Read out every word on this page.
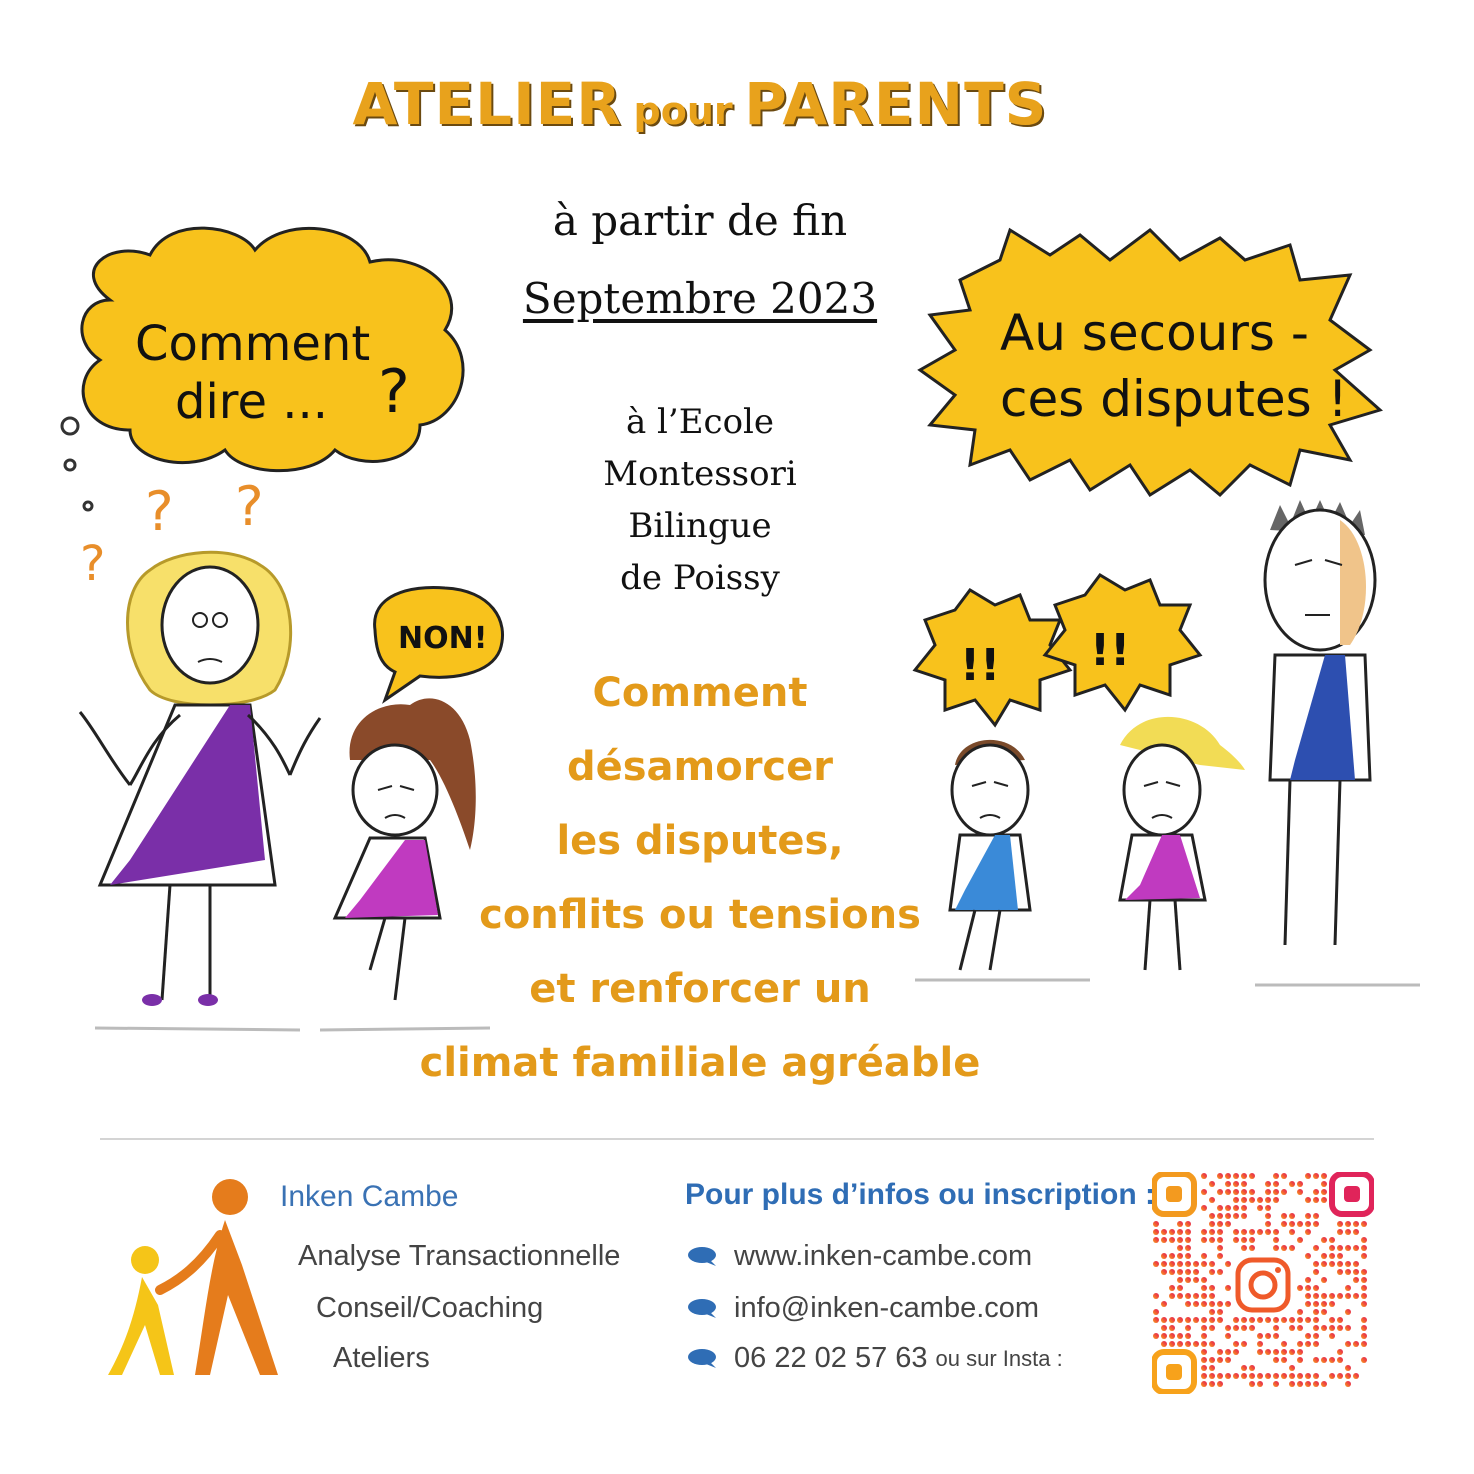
ATELIER pour PARENTS
à partir de fin
Septembre 2023
à l’Ecole
Montessori
Bilingue
de Poissy
Comment
désamorcer
les disputes,
conflits ou tensions
et renforcer un
climat familiale agréable
? ?
?
Comment
dire ... ?
NON!
Au secours -
ces disputes !
!! !!
Inken Cambe
Analyse Transactionnelle
Conseil/Coaching
Ateliers
Pour plus d’infos ou inscription :
www.inken-cambe.com
info@inken-cambe.com
06 22 02 57 63 ou sur Insta :
